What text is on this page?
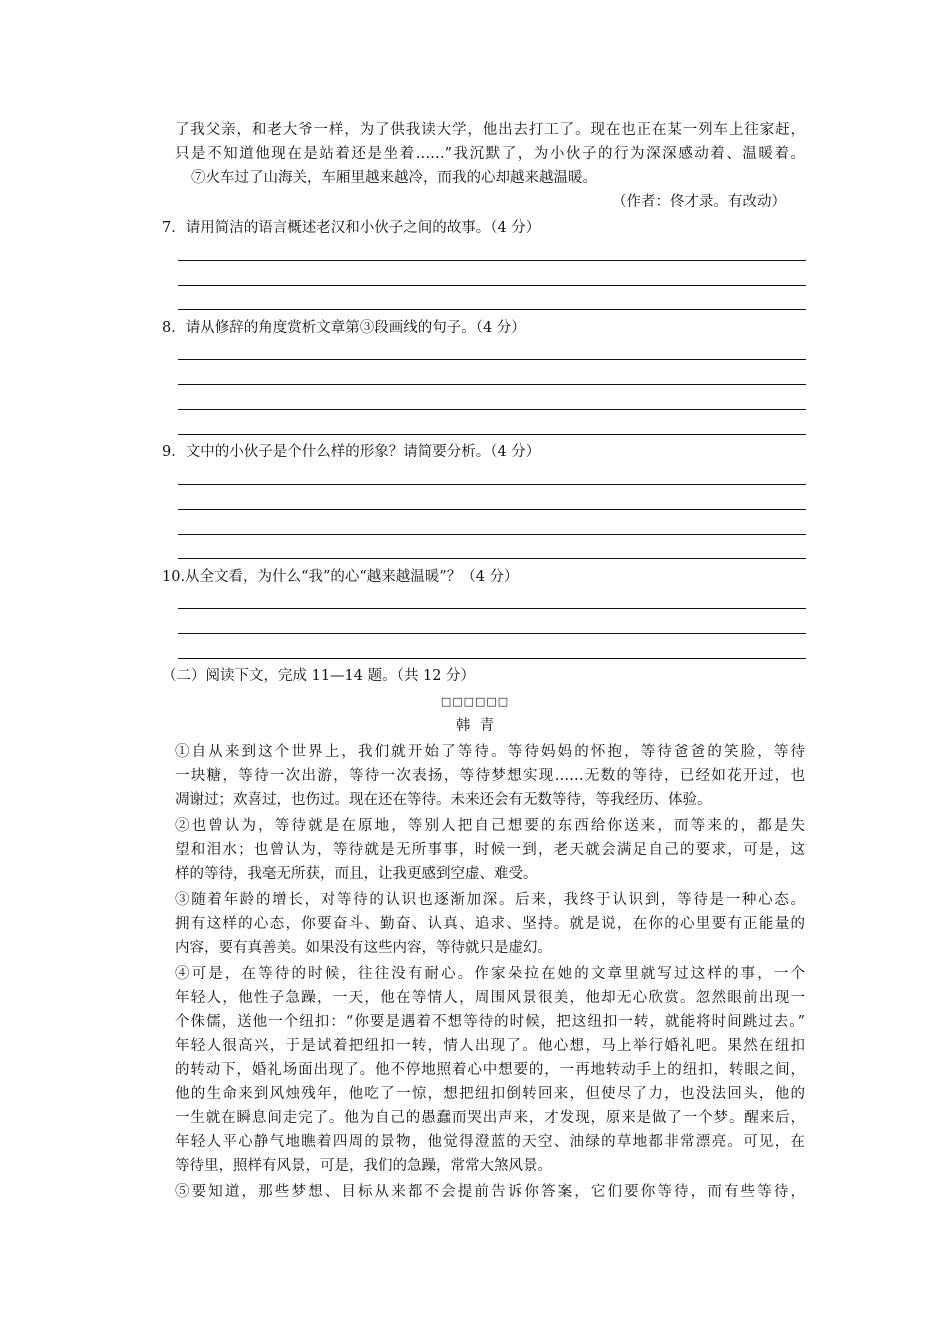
了我父亲，和老大爷一样，为了供我读大学，他出去打工了。现在也正在某一列车上往家赶，
只是不知道他现在是站着还是坐着……”我沉默了，为小伙子的行为深深感动着、温暖着。
⑦火车过了山海关，车厢里越来越冷，而我的心却越来越温暖。
（作者：佟才录。有改动）
7．请用简洁的语言概述老汉和小伙子之间的故事。（4 分）
8．请从修辞的角度赏析文章第③段画线的句子。（4 分）
9．文中的小伙子是个什么样的形象？请简要分析。（4 分）
10.从全文看，为什么“我”的心“越来越温暖”？（4 分）
（二）阅读下文，完成 11—14 题。（共 12 分）
□□□□□□
韩  青
①自从来到这个世界上，我们就开始了等待。等待妈妈的怀抱，等待爸爸的笑脸，等待
一块糖，等待一次出游，等待一次表扬，等待梦想实现……无数的等待，已经如花开过，也
凋谢过；欢喜过，也伤过。现在还在等待。未来还会有无数等待，等我经历、体验。
②也曾认为，等待就是在原地，等别人把自己想要的东西给你送来，而等来的，都是失
望和泪水；也曾认为，等待就是无所事事，时候一到，老天就会满足自己的要求，可是，这
样的等待，我毫无所获，而且，让我更感到空虚、难受。
③随着年龄的增长，对等待的认识也逐渐加深。后来，我终于认识到，等待是一种心态。
拥有这样的心态，你要奋斗、勤奋、认真、追求、坚持。就是说，在你的心里要有正能量的
内容，要有真善美。如果没有这些内容，等待就只是虚幻。
④可是，在等待的时候，往往没有耐心。作家朵拉在她的文章里就写过这样的事，一个
年轻人，他性子急躁，一天，他在等情人，周围风景很美，他却无心欣赏。忽然眼前出现一
个侏儒，送他一个纽扣：“你要是遇着不想等待的时候，把这纽扣一转，就能将时间跳过去。”
年轻人很高兴，于是试着把纽扣一转，情人出现了。他心想，马上举行婚礼吧。果然在纽扣
的转动下，婚礼场面出现了。他不停地照着心中想要的，一再地转动手上的纽扣，转眼之间，
他的生命来到风烛残年，他吃了一惊，想把纽扣倒转回来，但使尽了力，也没法回头，他的
一生就在瞬息间走完了。他为自己的愚蠢而哭出声来，才发现，原来是做了一个梦。醒来后，
年轻人平心静气地瞧着四周的景物，他觉得澄蓝的天空、油绿的草地都非常漂亮。可见，在
等待里，照样有风景，可是，我们的急躁，常常大煞风景。
⑤要知道，那些梦想、目标从来都不会提前告诉你答案，它们要你等待，而有些等待，
